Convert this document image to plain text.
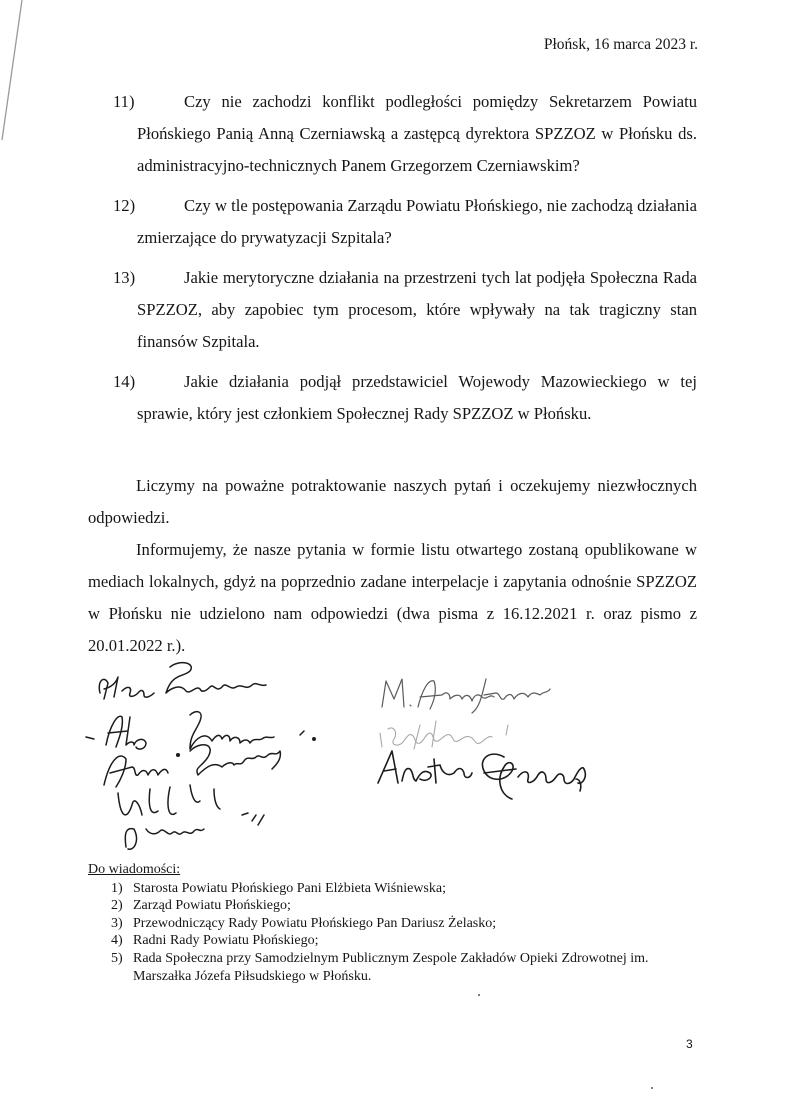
Płońsk, 16 marca 2023 r.
11)	Czy nie zachodzi konflikt podległości pomiędzy Sekretarzem Powiatu Płońskiego Panią Anną Czerniawską a zastępcą dyrektora SPZZOZ w Płońsku ds. administracyjno-technicznych Panem Grzegorzem Czerniawskim?
12)	Czy w tle postępowania Zarządu Powiatu Płońskiego, nie zachodzą działania zmierzające do prywatyzacji Szpitala?
13)	Jakie merytoryczne działania na przestrzeni tych lat podjęła Społeczna Rada SPZZOZ, aby zapobiec tym procesom, które wpływały na tak tragiczny stan finansów Szpitala.
14)	Jakie działania podjął przedstawiciel Wojewody Mazowieckiego w tej sprawie, który jest członkiem Społecznej Rady SPZZOZ w Płońsku.
Liczymy na poważne potraktowanie naszych pytań i oczekujemy niezwłocznych odpowiedzi.
Informujemy, że nasze pytania w formie listu otwartego zostaną opublikowane w mediach lokalnych, gdyż na poprzednio zadane interpelacje i zapytania odnośnie SPZZOZ w Płońsku nie udzielono nam odpowiedzi (dwa pisma z 16.12.2021 r. oraz pismo z 20.01.2022 r.).
Do wiadomości:
1) Starosta Powiatu Płońskiego Pani Elżbieta Wiśniewska;
2) Zarząd Powiatu Płońskiego;
3) Przewodniczący Rady Powiatu Płońskiego Pan Dariusz Żelasko;
4) Radni Rady Powiatu Płońskiego;
5) Rada Społeczna przy Samodzielnym Publicznym Zespole Zakładów Opieki Zdrowotnej im. Marszałka Józefa Piłsudskiego w Płońsku.
3
